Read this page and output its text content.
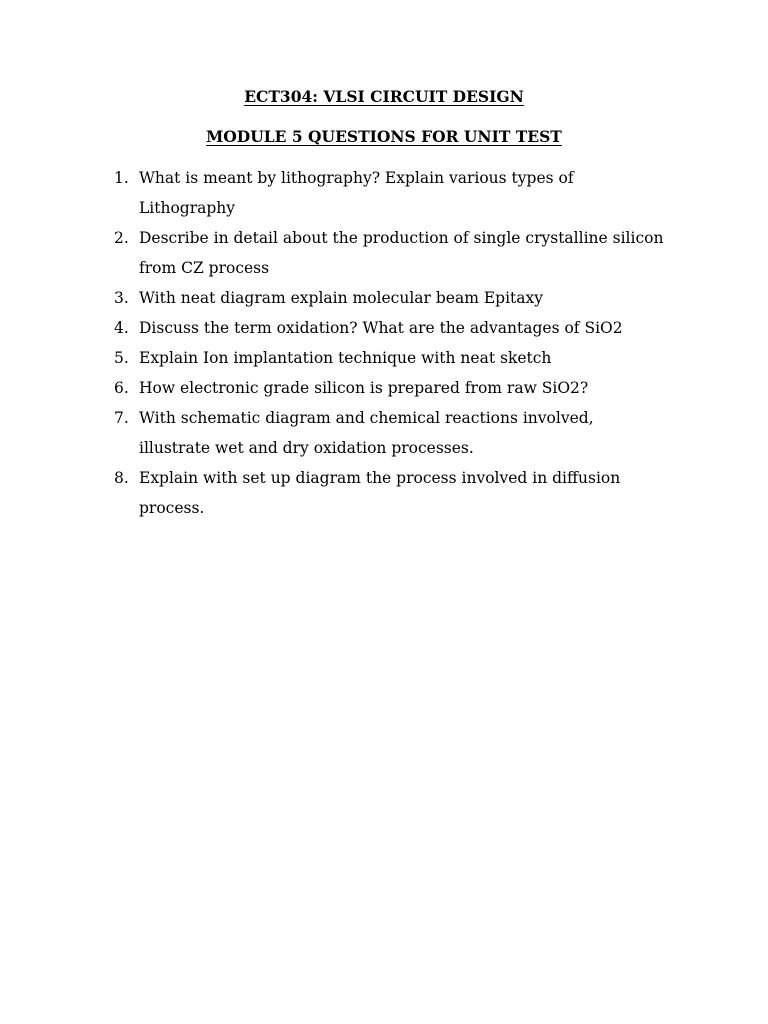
ECT304: VLSI CIRCUIT DESIGN
MODULE 5 QUESTIONS FOR UNIT TEST
1. What is meant by lithography? Explain various types of Lithography
2. Describe in detail about the production of single crystalline silicon from CZ process
3. With neat diagram explain molecular beam Epitaxy
4. Discuss the term oxidation? What are the advantages of SiO2
5. Explain Ion implantation technique with neat sketch
6. How electronic grade silicon is prepared from raw SiO2?
7. With schematic diagram and chemical reactions involved, illustrate wet and dry oxidation processes.
8. Explain with set up diagram the process involved in diffusion process.
